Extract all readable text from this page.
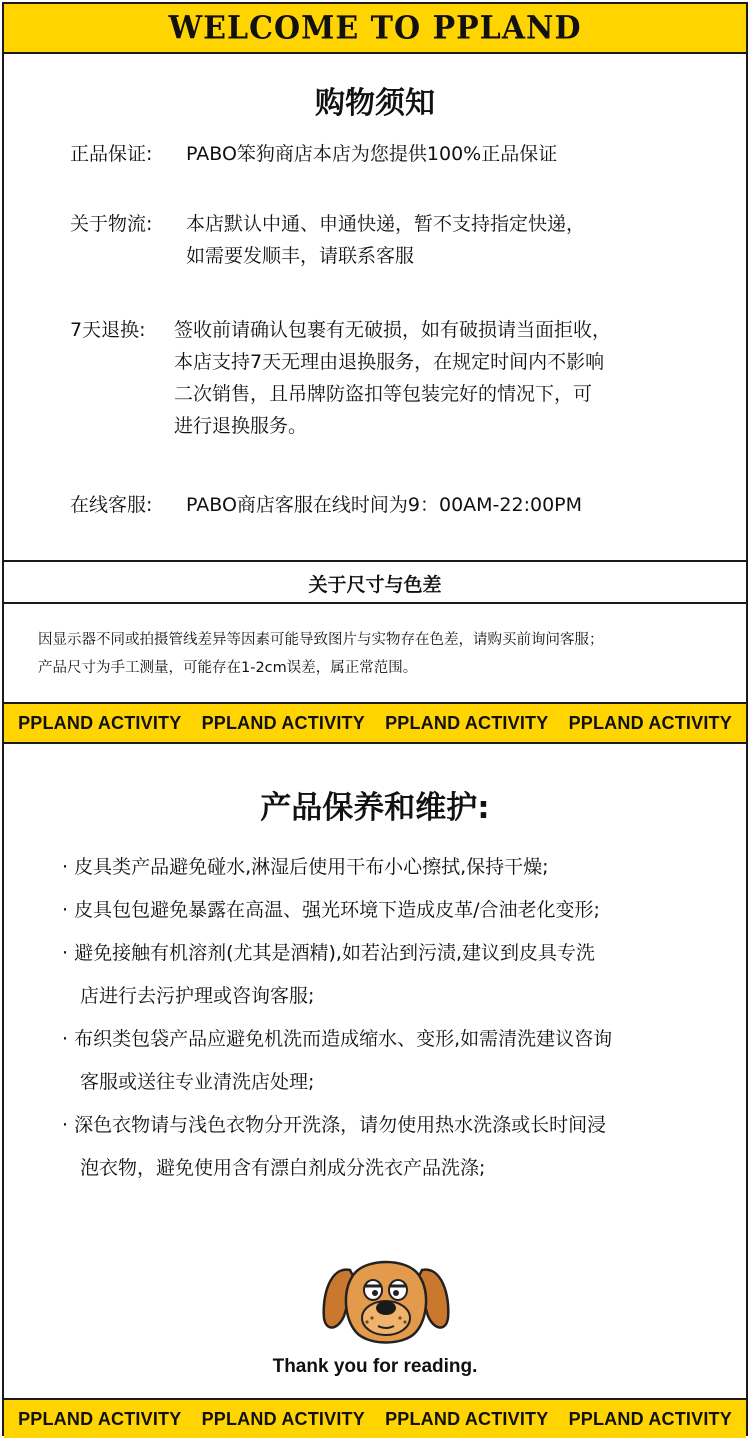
WELCOME TO PPLAND
购物须知
正品保证: PABO笨狗商店本店为您提供100%正品保证
关于物流: 本店默认中通、申通快递，暂不支持指定快递，
如需要发顺丰，请联系客服
7天退换: 签收前请确认包裹有无破损，如有破损请当面拒收，
本店支持7天无理由退换服务，在规定时间内不影响
二次销售，且吊牌防盗扣等包装完好的情况下，可
进行退换服务。
在线客服: PABO商店客服在线时间为9：00AM-22:00PM
关于尺寸与色差
因显示器不同或拍摄管线差异等因素可能导致图片与实物存在色差，请购买前询问客服；
产品尺寸为手工测量，可能存在1-2cm误差，属正常范围。
PPLAND ACTIVITY PPLAND ACTIVITY PPLAND ACTIVITY PPLAND ACTIVITY
产品保养和维护:
· 皮具类产品避免碰水,淋湿后使用干布小心擦拭,保持干燥;
· 皮具包包避免暴露在高温、强光环境下造成皮革/合油老化变形;
· 避免接触有机溶剂(尤其是酒精),如若沾到污渍,建议到皮具专洗
店进行去污护理或咨询客服;
· 布织类包袋产品应避免机洗而造成缩水、变形,如需清洗建议咨询
客服或送往专业清洗店处理;
· 深色衣物请与浅色衣物分开洗涤，请勿使用热水洗涤或长时间浸
泡衣物，避免使用含有漂白剂成分洗衣产品洗涤;
Thank you for reading.
PPLAND ACTIVITY PPLAND ACTIVITY PPLAND ACTIVITY PPLAND ACTIVITY
